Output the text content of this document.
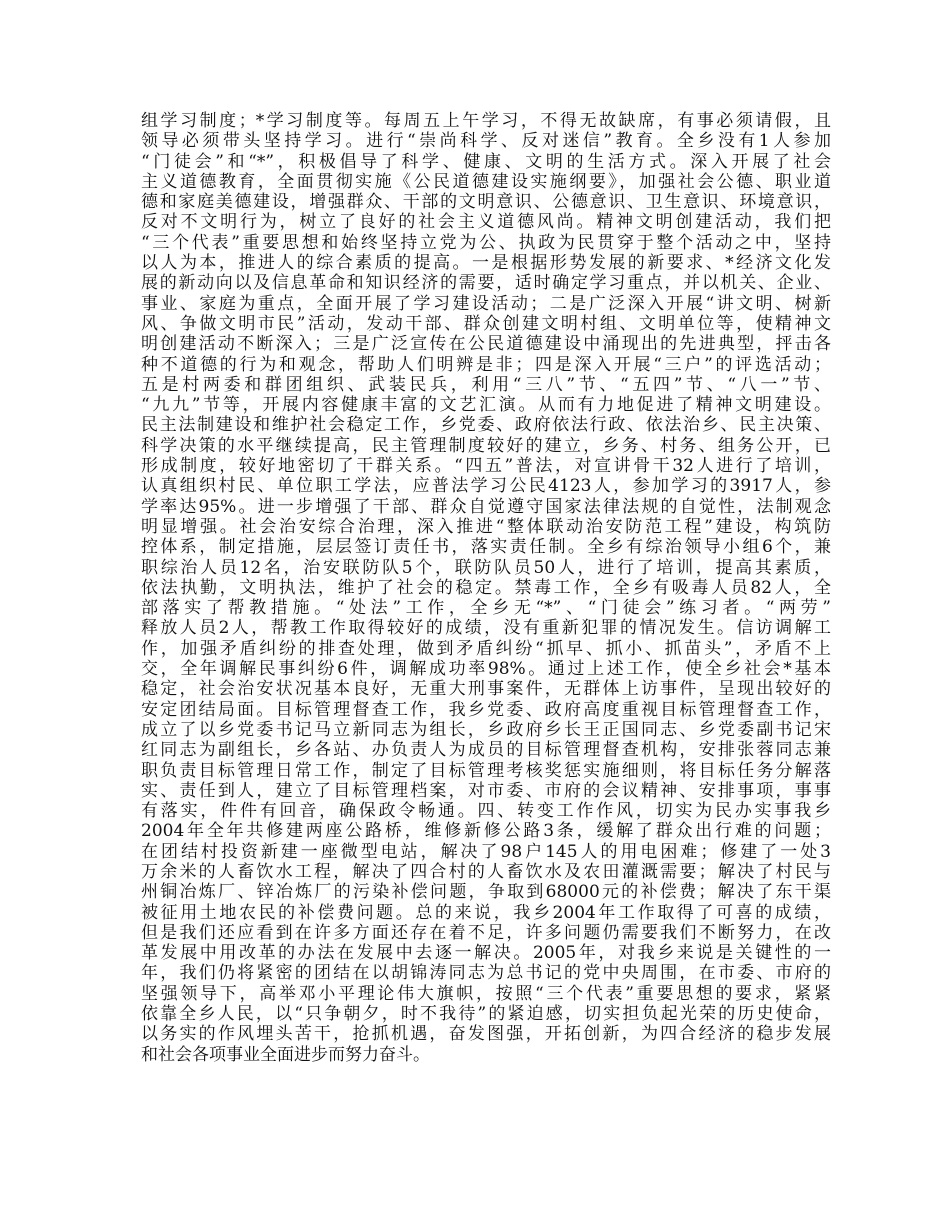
组学习制度；*学习制度等。每周五上午学习，不得无故缺席，有事必须请假，且
领导必须带头坚持学习。进行“崇尚科学、反对迷信”教育。全乡没有1人参加
“门徒会”和“*”，积极倡导了科学、健康、文明的生活方式。深入开展了社会
主义道德教育，全面贯彻实施《公民道德建设实施纲要》，加强社会公德、职业道
德和家庭美德建设，增强群众、干部的文明意识、公德意识、卫生意识、环境意识，
反对不文明行为，树立了良好的社会主义道德风尚。精神文明创建活动，我们把
“三个代表”重要思想和始终坚持立党为公、执政为民贯穿于整个活动之中，坚持
以人为本，推进人的综合素质的提高。一是根据形势发展的新要求、*经济文化发
展的新动向以及信息革命和知识经济的需要，适时确定学习重点，并以机关、企业、
事业、家庭为重点，全面开展了学习建设活动；二是广泛深入开展“讲文明、树新
风、争做文明市民”活动，发动干部、群众创建文明村组、文明单位等，使精神文
明创建活动不断深入；三是广泛宣传在公民道德建设中涌现出的先进典型，抨击各
种不道德的行为和观念，帮助人们明辨是非；四是深入开展“三户”的评选活动；
五是村两委和群团组织、武装民兵，利用“三八”节、“五四”节、“八一”节、
“九九”节等，开展内容健康丰富的文艺汇演。从而有力地促进了精神文明建设。
民主法制建设和维护社会稳定工作，乡党委、政府依法行政、依法治乡、民主决策、
科学决策的水平继续提高，民主管理制度较好的建立，乡务、村务、组务公开，已
形成制度，较好地密切了干群关系。“四五”普法，对宣讲骨干32人进行了培训，
认真组织村民、单位职工学法，应普法学习公民4123人，参加学习的3917人，参
学率达95%。进一步增强了干部、群众自觉遵守国家法律法规的自觉性，法制观念
明显增强。社会治安综合治理，深入推进“整体联动治安防范工程”建设，构筑防
控体系，制定措施，层层签订责任书，落实责任制。全乡有综治领导小组6个，兼
职综治人员12名，治安联防队5个，联防队员50人，进行了培训，提高其素质，
依法执勤，文明执法，维护了社会的稳定。禁毒工作，全乡有吸毒人员82人，全
部落实了帮教措施。“处法”工作，全乡无“*”、“门徒会”练习者。“两劳”
释放人员2人，帮教工作取得较好的成绩，没有重新犯罪的情况发生。信访调解工
作，加强矛盾纠纷的排查处理，做到矛盾纠纷“抓早、抓小、抓苗头”，矛盾不上
交，全年调解民事纠纷6件，调解成功率98%。通过上述工作，使全乡社会*基本
稳定，社会治安状况基本良好，无重大刑事案件，无群体上访事件，呈现出较好的
安定团结局面。目标管理督查工作，我乡党委、政府高度重视目标管理督查工作，
成立了以乡党委书记马立新同志为组长，乡政府乡长王正国同志、乡党委副书记宋
红同志为副组长，乡各站、办负责人为成员的目标管理督查机构，安排张蓉同志兼
职负责目标管理日常工作，制定了目标管理考核奖惩实施细则，将目标任务分解落
实、责任到人，建立了目标管理档案，对市委、市府的会议精神、安排事项，事事
有落实，件件有回音，确保政令畅通。四、转变工作作风，切实为民办实事我乡
2004年全年共修建两座公路桥，维修新修公路3条，缓解了群众出行难的问题；
在团结村投资新建一座微型电站，解决了98户145人的用电困难；修建了一处3
万余米的人畜饮水工程，解决了四合村的人畜饮水及农田灌溉需要；解决了村民与
州铜冶炼厂、锌冶炼厂的污染补偿问题，争取到68000元的补偿费；解决了东干渠
被征用土地农民的补偿费问题。总的来说，我乡2004年工作取得了可喜的成绩，
但是我们还应看到在许多方面还存在着不足，许多问题仍需要我们不断努力，在改
革发展中用改革的办法在发展中去逐一解决。2005年，对我乡来说是关键性的一
年，我们仍将紧密的团结在以胡锦涛同志为总书记的党中央周围，在市委、市府的
坚强领导下，高举邓小平理论伟大旗帜，按照“三个代表”重要思想的要求，紧紧
依靠全乡人民，以“只争朝夕，时不我待”的紧迫感，切实担负起光荣的历史使命，
以务实的作风埋头苦干，抢抓机遇，奋发图强，开拓创新，为四合经济的稳步发展
和社会各项事业全面进步而努力奋斗。
